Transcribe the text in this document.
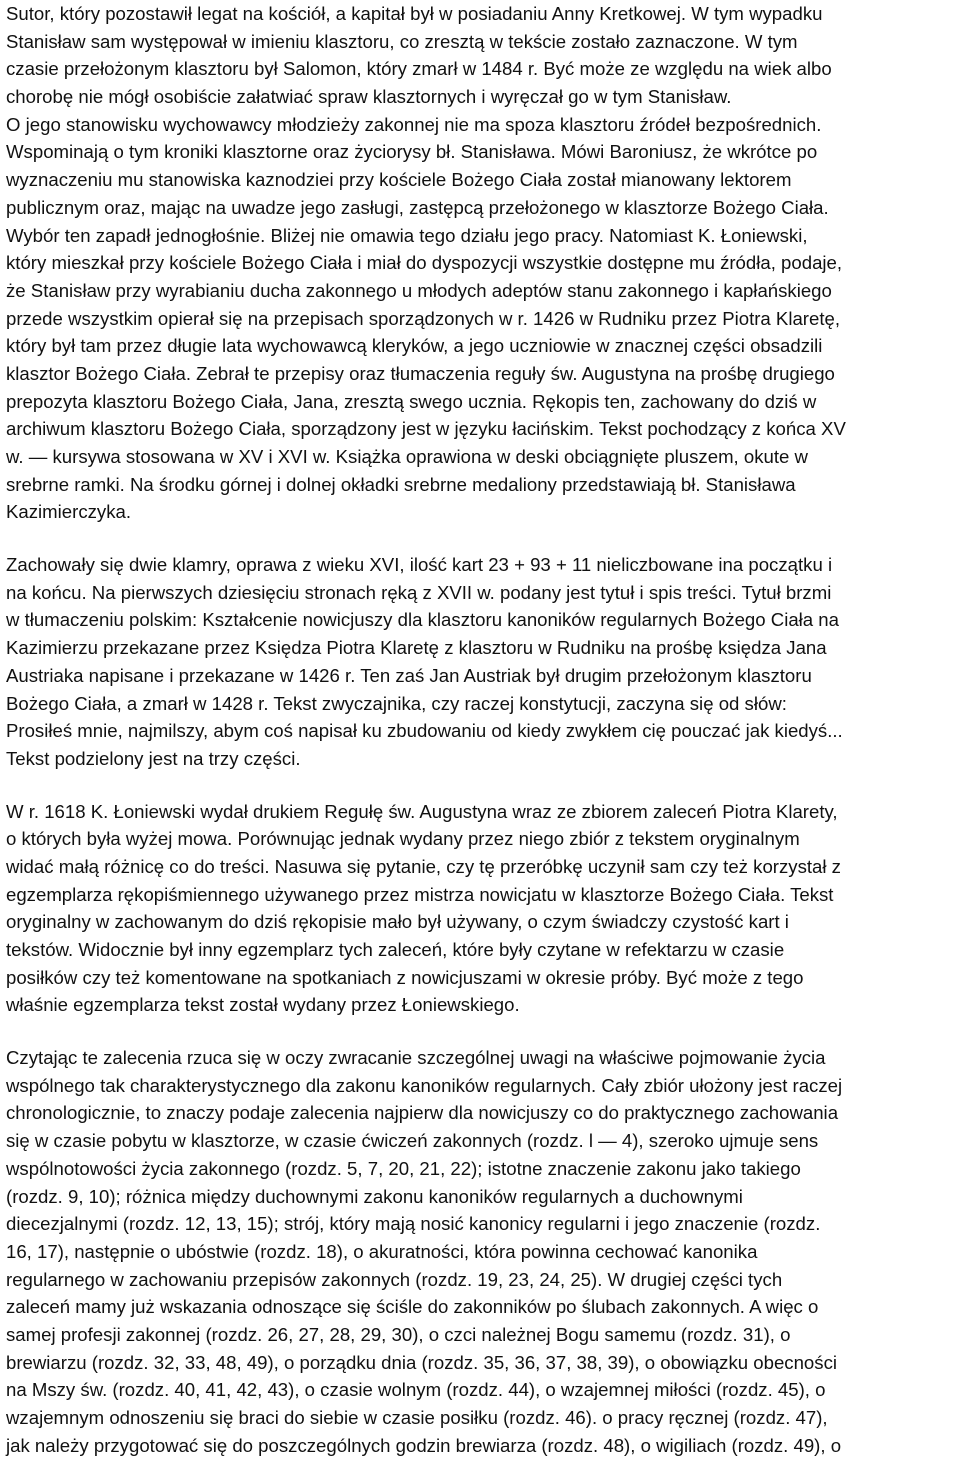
Sutor, który pozostawił legat na kościół, a kapitał był w posiadaniu Anny Kretkowej. W tym wypadku
Stanisław sam występował w imieniu klasztoru, co zresztą w tekście zostało zaznaczone. W tym
czasie przełożonym klasztoru był Salomon, który zmarł w 1484 r. Być może ze względu na wiek albo
chorobę nie mógł osobiście załatwiać spraw klasztornych i wyręczał go w tym Stanisław.
O jego stanowisku wychowawcy młodzieży zakonnej nie ma spoza klasztoru źródeł bezpośrednich.
Wspominają o tym kroniki klasztorne oraz życiorysy bł. Stanisława. Mówi Baroniusz, że wkrótce po
wyznaczeniu mu stanowiska kaznodziei przy kościele Bożego Ciała został mianowany lektorem
publicznym oraz, mając na uwadze jego zasługi, zastępcą przełożonego w klasztorze Bożego Ciała.
Wybór ten zapadł jednogłośnie. Bliżej nie omawia tego działu jego pracy. Natomiast K. Łoniewski,
który mieszkał przy kościele Bożego Ciała i miał do dyspozycji wszystkie dostępne mu źródła, podaje,
że Stanisław przy wyrabianiu ducha zakonnego u młodych adeptów stanu zakonnego i kapłańskiego
przede wszystkim opierał się na przepisach sporządzonych w r. 1426 w Rudniku przez Piotra Klaretę,
który był tam przez długie lata wychowawcą kleryków, a jego uczniowie w znacznej części obsadzili
klasztor Bożego Ciała. Zebrał te przepisy oraz tłumaczenia reguły św. Augustyna na prośbę drugiego
prepozyta klasztoru Bożego Ciała, Jana, zresztą swego ucznia. Rękopis ten, zachowany do dziś w
archiwum klasztoru Bożego Ciała, sporządzony jest w języku łacińskim. Tekst pochodzący z końca XV
w. — kursywa stosowana w XV i XVI w. Książka oprawiona w deski obciągnięte pluszem, okute w
srebrne ramki. Na środku górnej i dolnej okładki srebrne medaliony przedstawiają bł. Stanisława
Kazimierczyka.

Zachowały się dwie klamry, oprawa z wieku XVI, ilość kart 23 + 93 + 11 nieliczbowane ina początku i
na końcu. Na pierwszych dziesięciu stronach ręką z XVII w. podany jest tytuł i spis treści. Tytuł brzmi
w tłumaczeniu polskim: Kształcenie nowicjuszy dla klasztoru kanoników regularnych Bożego Ciała na
Kazimierzu przekazane przez Księdza Piotra Klaretę z klasztoru w Rudniku na prośbę księdza Jana
Austriaka napisane i przekazane w 1426 r. Ten zaś Jan Austriak był drugim przełożonym klasztoru
Bożego Ciała, a zmarł w 1428 r. Tekst zwyczajnika, czy raczej konstytucji, zaczyna się od słów:
Prosiłeś mnie, najmilszy, abym coś napisał ku zbudowaniu od kiedy zwykłem cię pouczać jak kiedyś...
Tekst podzielony jest na trzy części.

W r. 1618 K. Łoniewski wydał drukiem Regułę św. Augustyna wraz ze zbiorem zaleceń Piotra Klarety,
o których była wyżej mowa. Porównując jednak wydany przez niego zbiór z tekstem oryginalnym
widać małą różnicę co do treści. Nasuwa się pytanie, czy tę przeróbkę uczynił sam czy też korzystał z
egzemplarza rękopiśmiennego używanego przez mistrza nowicjatu w klasztorze Bożego Ciała. Tekst
oryginalny w zachowanym do dziś rękopisie mało był używany, o czym świadczy czystość kart i
tekstów. Widocznie był inny egzemplarz tych zaleceń, które były czytane w refektarzu w czasie
posiłków czy też komentowane na spotkaniach z nowicjuszami w okresie próby. Być może z tego
właśnie egzemplarza tekst został wydany przez Łoniewskiego.

Czytając te zalecenia rzuca się w oczy zwracanie szczególnej uwagi na właściwe pojmowanie życia
wspólnego tak charakterystycznego dla zakonu kanoników regularnych. Cały zbiór ułożony jest raczej
chronologicznie, to znaczy podaje zalecenia najpierw dla nowicjuszy co do praktycznego zachowania
się w czasie pobytu w klasztorze, w czasie ćwiczeń zakonnych (rozdz. l — 4), szeroko ujmuje sens
wspólnotowości życia zakonnego (rozdz. 5, 7, 20, 21, 22); istotne znaczenie zakonu jako takiego
(rozdz. 9, 10); różnica między duchownymi zakonu kanoników regularnych a duchownymi
diecezjalnymi (rozdz. 12, 13, 15); strój, który mają nosić kanonicy regularni i jego znaczenie (rozdz.
16, 17), następnie o ubóstwie (rozdz. 18), o akuratności, która powinna cechować kanonika
regularnego w zachowaniu przepisów zakonnych (rozdz. 19, 23, 24, 25). W drugiej części tych
zaleceń mamy już wskazania odnoszące się ściśle do zakonników po ślubach zakonnych. A więc o
samej profesji zakonnej (rozdz. 26, 27, 28, 29, 30), o czci należnej Bogu samemu (rozdz. 31), o
brewiarzu (rozdz. 32, 33, 48, 49), o porządku dnia (rozdz. 35, 36, 37, 38, 39), o obowiązku obecności
na Mszy św. (rozdz. 40, 41, 42, 43), o czasie wolnym (rozdz. 44), o wzajemnej miłości (rozdz. 45), o
wzajemnym odnoszeniu się braci do siebie w czasie posiłku (rozdz. 46). o pracy ręcznej (rozdz. 47),
jak należy przygotować się do poszczególnych godzin brewiarza (rozdz. 48), o wigiliach (rozdz. 49), o
